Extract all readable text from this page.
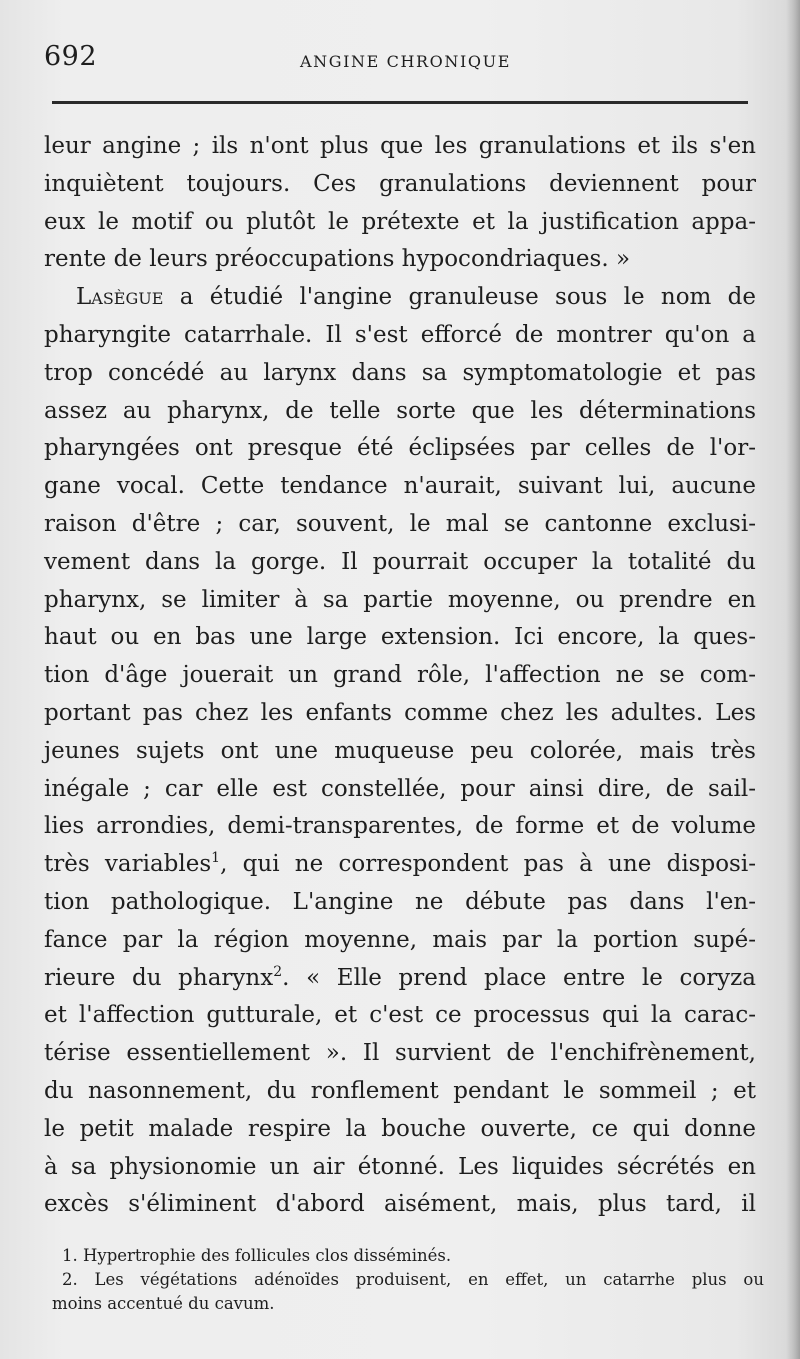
692	ANGINE CHRONIQUE
leur angine ; ils n'ont plus que les granulations et ils s'en
inquiètent toujours. Ces granulations deviennent pour
eux le motif ou plutôt le prétexte et la justification appa-
rente de leurs préoccupations hypocondriaques. »
Lasègue a étudié l'angine granuleuse sous le nom de
pharyngite catarrhale. Il s'est efforcé de montrer qu'on a
trop concédé au larynx dans sa symptomatologie et pas
assez au pharynx, de telle sorte que les déterminations
pharyngées ont presque été éclipsées par celles de l'or-
gane vocal. Cette tendance n'aurait, suivant lui, aucune
raison d'être ; car, souvent, le mal se cantonne exclusi-
vement dans la gorge. Il pourrait occuper la totalité du
pharynx, se limiter à sa partie moyenne, ou prendre en
haut ou en bas une large extension. Ici encore, la ques-
tion d'âge jouerait un grand rôle, l'affection ne se com-
portant pas chez les enfants comme chez les adultes. Les
jeunes sujets ont une muqueuse peu colorée, mais très
inégale ; car elle est constellée, pour ainsi dire, de sail-
lies arrondies, demi-transparentes, de forme et de volume
très variables$^1$, qui ne correspondent pas à une disposi-
tion pathologique. L'angine ne débute pas dans l'en-
fance par la région moyenne, mais par la portion supé-
rieure du pharynx$^2$. « Elle prend place entre le coryza
et l'affection gutturale, et c'est ce processus qui la carac-
térise essentiellement ». Il survient de l'enchifrènement,
du nasonnement, du ronflement pendant le sommeil ; et
le petit malade respire la bouche ouverte, ce qui donne
à sa physionomie un air étonné. Les liquides sécrétés en
excès s'éliminent d'abord aisément, mais, plus tard, il
1. Hypertrophie des follicules clos disséminés.
2. Les végétations adénoïdes produisent, en effet, un catarrhe plus ou
moins accentué du cavum.
